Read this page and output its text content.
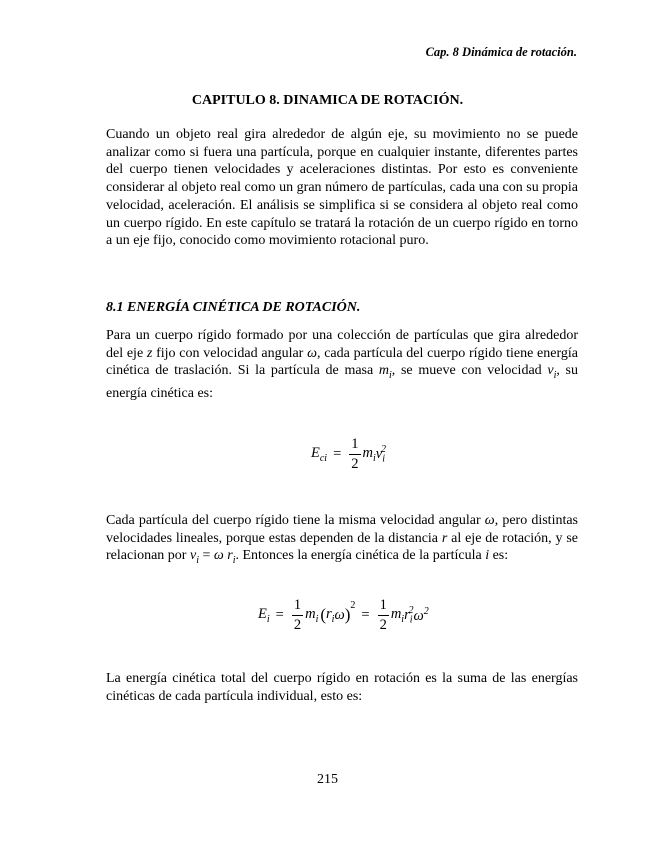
Cap. 8 Dinámica de rotación.
CAPITULO 8. DINAMICA DE ROTACIÓN.

Cuando un objeto real gira alrededor de algún eje, su movimiento no se puede analizar como si fuera una partícula, porque en cualquier instante, diferentes partes del cuerpo tienen velocidades y aceleraciones distintas. Por esto es conveniente considerar al objeto real como un gran número de partículas, cada una con su propia velocidad, aceleración. El análisis se simplifica si se considera al objeto real como un cuerpo rígido. En este capítulo se tratará la rotación de un cuerpo rígido en torno a un eje fijo, conocido como movimiento rotacional puro.

8.1 ENERGÍA CINÉTICA DE ROTACIÓN.

Para un cuerpo rígido formado por una colección de partículas que gira alrededor del eje z fijo con velocidad angular ω, cada partícula del cuerpo rígido tiene energía cinética de traslación. Si la partícula de masa $m_i$, se mueve con velocidad $v_i$, su energía cinética es:

$E_{ci} = \frac{1}{2} m_i$ $v_i^2$

Cada partícula del cuerpo rígido tiene la misma velocidad angular ω, pero distintas velocidades lineales, porque estas dependen de la distancia r al eje de rotación, y se relacionan por $v_i = \omega$ $r_i$. Entonces la energía cinética de la partícula i es:

$E_i = \frac{1}{2} m_i$ ( $r_i$ ω )$^2$
= $\frac{1}{2} m_i$ $r_i^2$ $\omega^2$

La energía cinética total del cuerpo rígido en rotación es la suma de las energías cinéticas de cada partícula individual, esto es:

215
